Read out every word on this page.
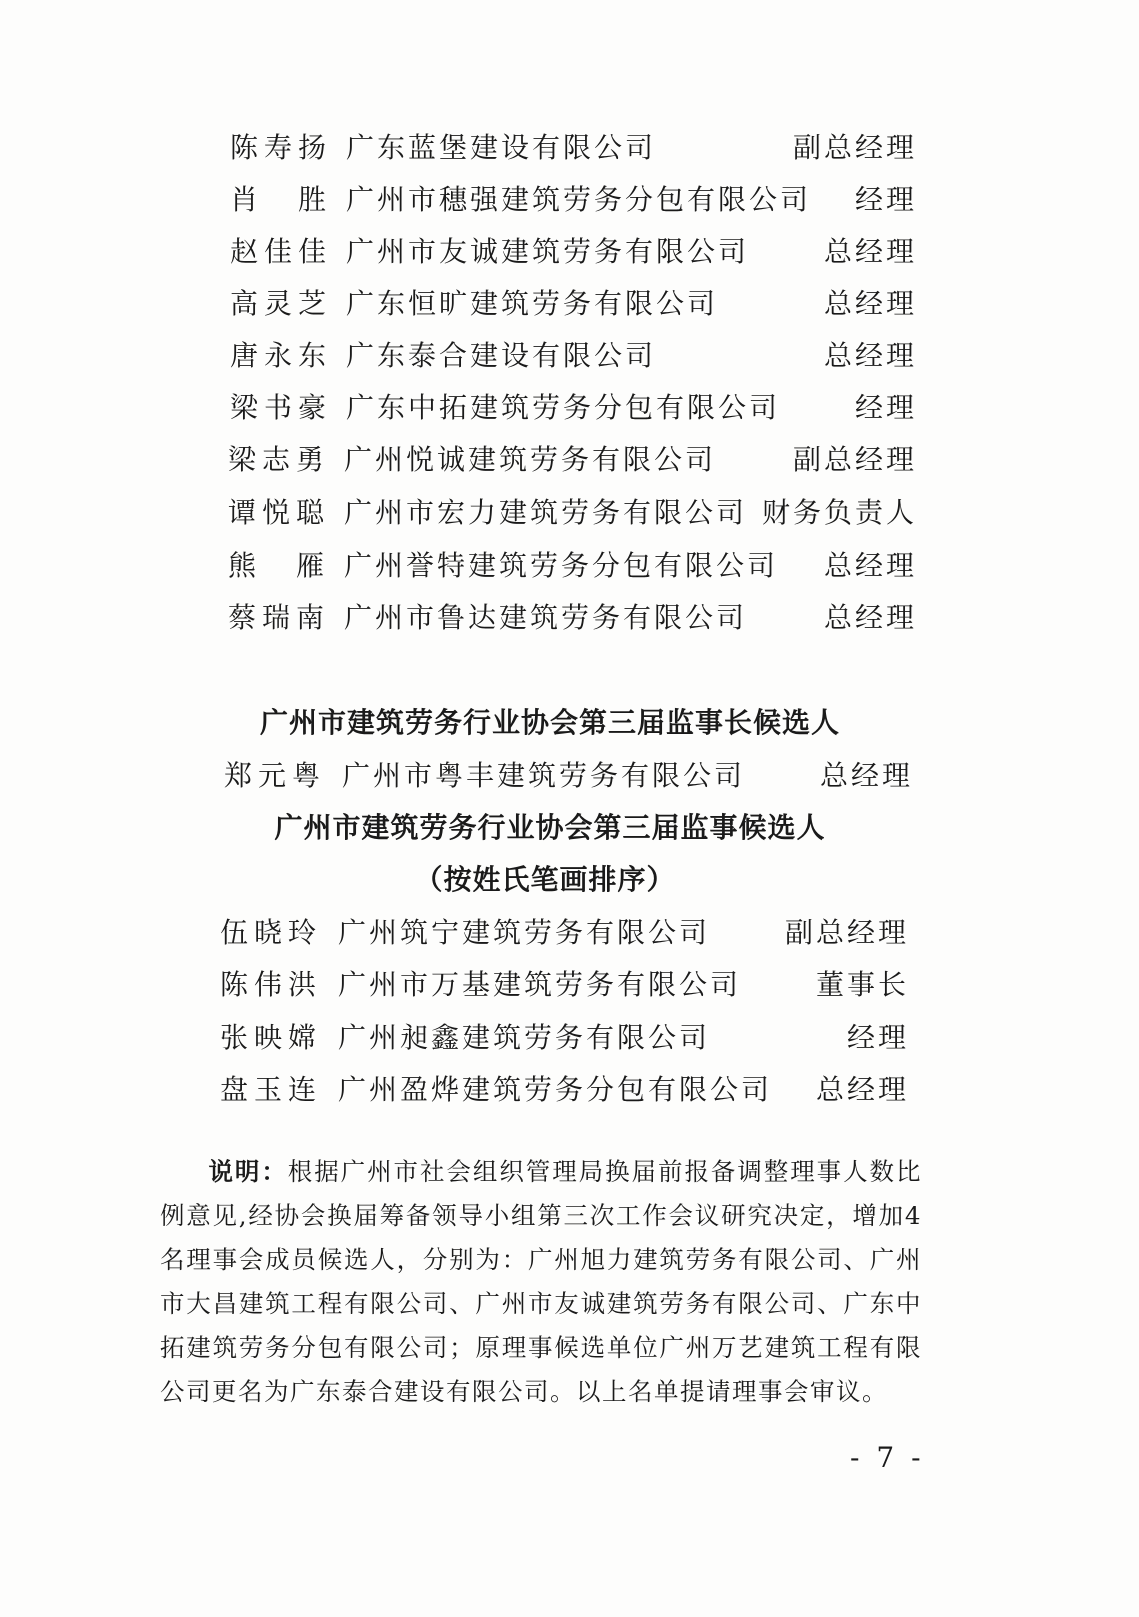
陈寿扬 广东蓝堡建设有限公司	副总经理
肖胜 广州市穗强建筑劳务分包有限公司 经理
赵佳佳 广州市友诚建筑劳务有限公司	总经理
高灵芝 广东恒旷建筑劳务有限公司	总经理
唐永东 广东泰合建设有限公司	总经理
梁书豪 广东中拓建筑劳务分包有限公司	经理
梁志勇 广州悦诚建筑劳务有限公司	副总经理
谭悦聪 广州市宏力建筑劳务有限公司 财务负责人
熊雁 广州誉特建筑劳务分包有限公司 总经理
蔡瑞南 广州市鲁达建筑劳务有限公司	总经理
广州市建筑劳务行业协会第三届监事长候选人
郑元粤 广州市粤丰建筑劳务有限公司	总经理
广州市建筑劳务行业协会第三届监事候选人
（按姓氏笔画排序）
伍晓玲 广州筑宁建筑劳务有限公司	副总经理
陈伟洪 广州市万基建筑劳务有限公司	董事长
张映嫦 广州昶鑫建筑劳务有限公司	经理
盘玉连 广州盈烨建筑劳务分包有限公司 总经理
说明：根据广州市社会组织管理局换届前报备调整理事人数比例意见,经协会换届筹备领导小组第三次工作会议研究决定，增加4名理事会成员候选人，分别为：广州旭力建筑劳务有限公司、广州市大昌建筑工程有限公司、广州市友诚建筑劳务有限公司、广东中拓建筑劳务分包有限公司；原理事候选单位广州万艺建筑工程有限公司更名为广东泰合建设有限公司。以上名单提请理事会审议。
- 7 -
